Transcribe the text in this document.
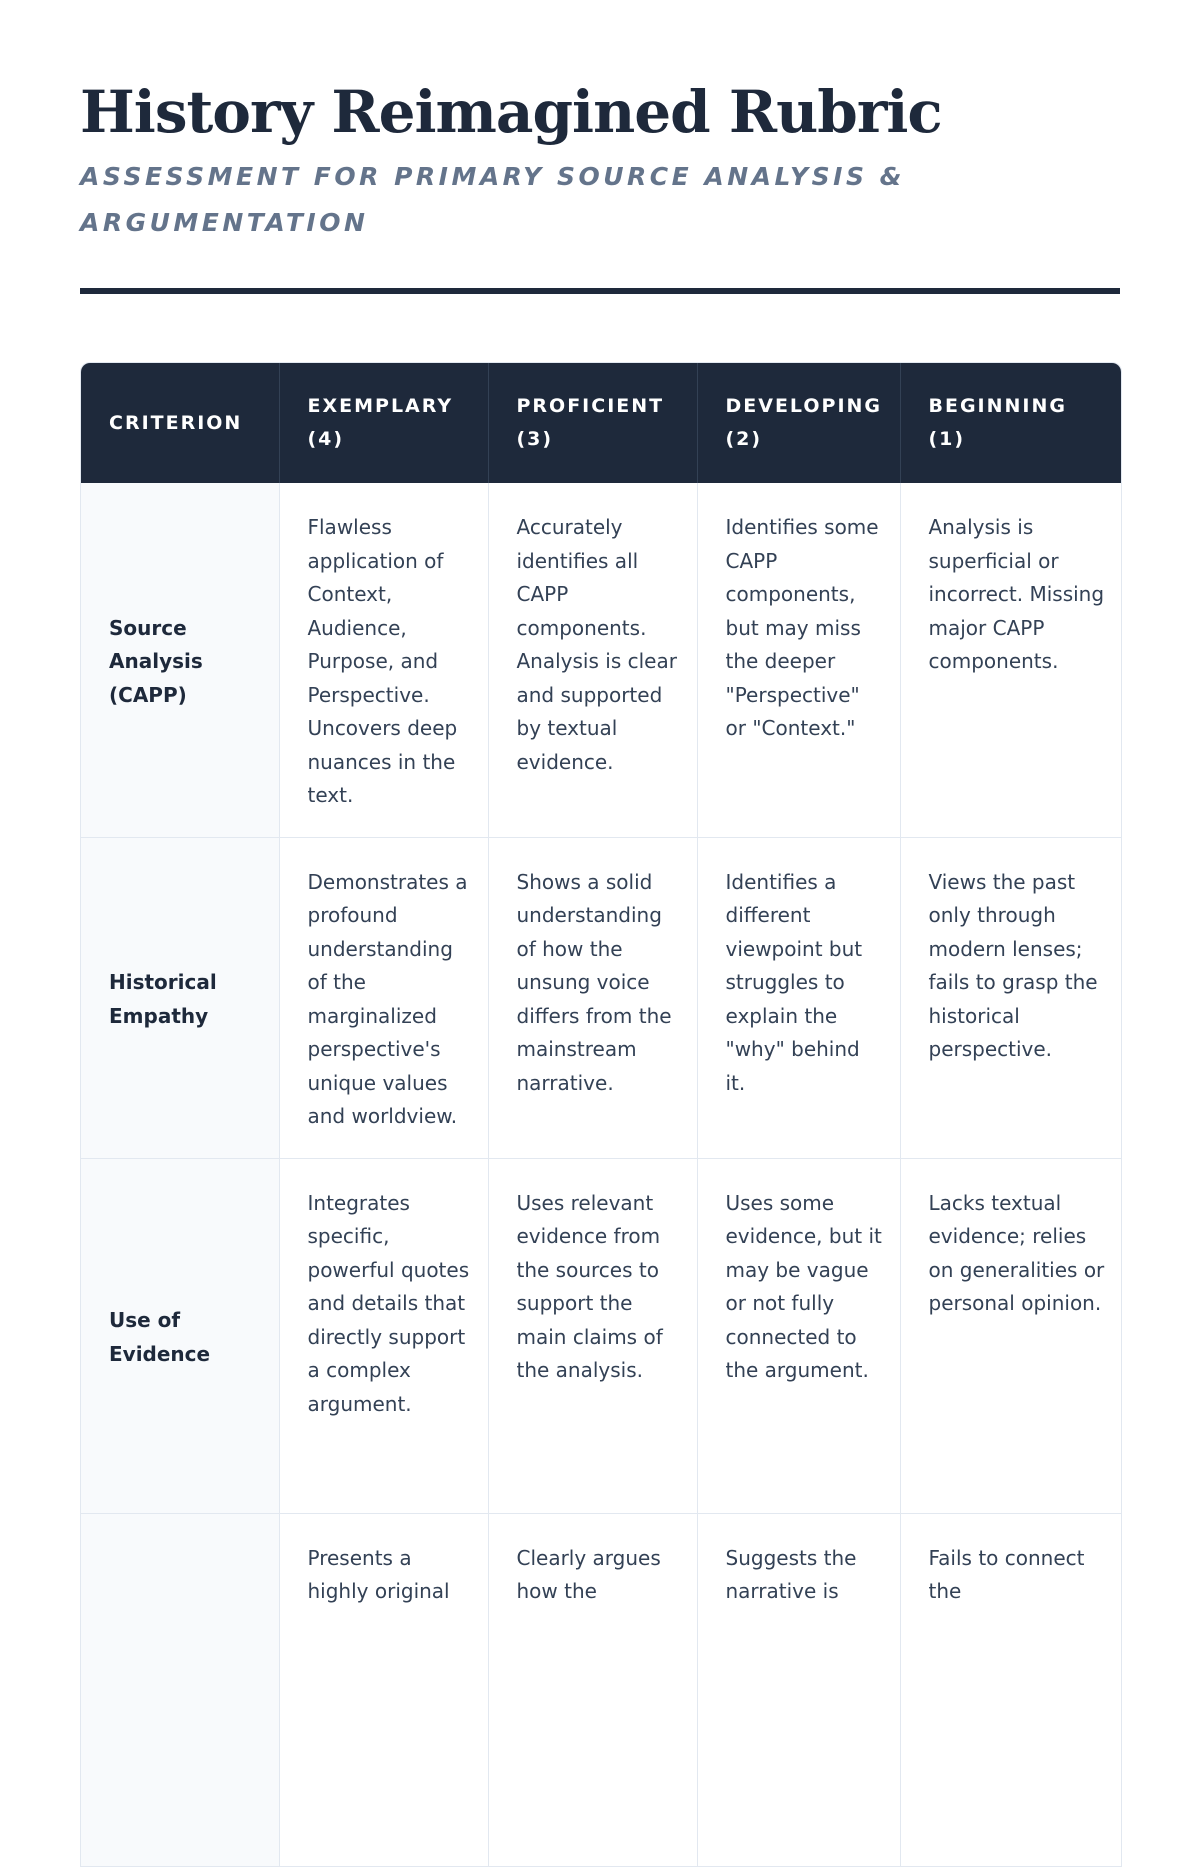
History Reimagined Rubric
ASSESSMENT FOR PRIMARY SOURCE ANALYSIS & ARGUMENTATION
CRITERION	EXEMPLARY (4)	PROFICIENT (3)	DEVELOPING (2)	BEGINNING (1)
Source Analysis (CAPP)	Flawless application of Context, Audience, Purpose, and Perspective. Uncovers deep nuances in the text.	Accurately identifies all CAPP components. Analysis is clear and supported by textual evidence.	Identifies some CAPP components, but may miss the deeper "Perspective" or "Context."	Analysis is superficial or incorrect. Missing major CAPP components.
Historical Empathy	Demonstrates a profound understanding of the marginalized perspective's unique values and worldview.	Shows a solid understanding of how the unsung voice differs from the mainstream narrative.	Identifies a different viewpoint but struggles to explain the "why" behind it.	Views the past only through modern lenses; fails to grasp the historical perspective.
Use of Evidence	Integrates specific, powerful quotes and details that directly support a complex argument.	Uses relevant evidence from the sources to support the main claims of the analysis.	Uses some evidence, but it may be vague or not fully connected to the argument.	Lacks textual evidence; relies on generalities or personal opinion.
	Presents a highly original	Clearly argues how the	Suggests the narrative is	Fails to connect the
